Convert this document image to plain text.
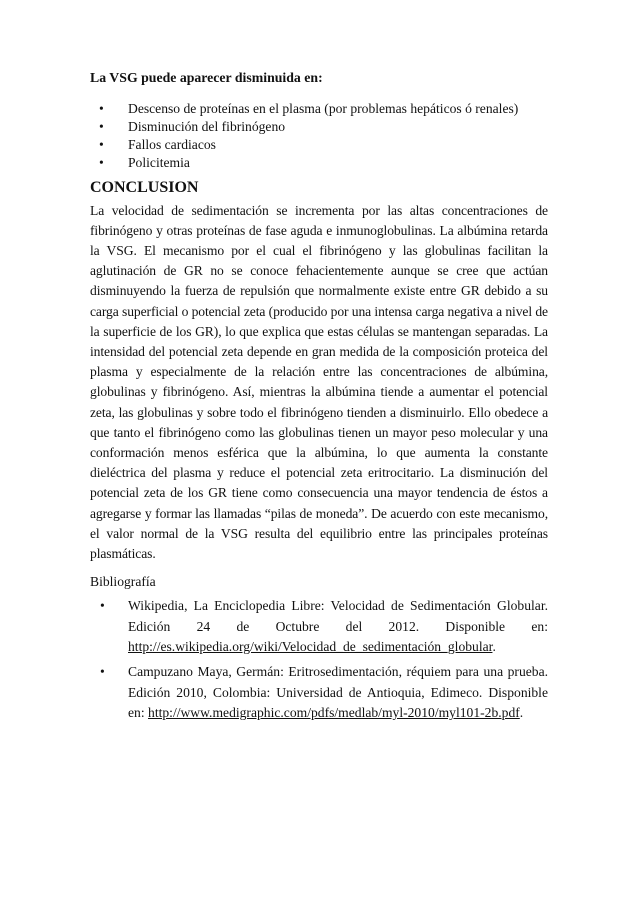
La VSG puede aparecer disminuida en:

• Descenso de proteínas en el plasma (por problemas hepáticos ó renales)
• Disminución del fibrinógeno
• Fallos cardiacos
• Policitemia

CONCLUSION

La velocidad de sedimentación se incrementa por las altas concentraciones de fibrinógeno y otras proteínas de fase aguda e inmunoglobulinas. La albúmina retarda la VSG. El mecanismo por el cual el fibrinógeno y las globulinas facilitan la aglutinación de GR no se conoce fehacientemente aunque se cree que actúan disminuyendo la fuerza de repulsión que normalmente existe entre GR debido a su carga superficial o potencial zeta (producido por una intensa carga negativa a nivel de la superficie de los GR), lo que explica que estas células se mantengan separadas. La intensidad del potencial zeta depende en gran medida de la composición proteica del plasma y especialmente de la relación entre las concentraciones de albúmina, globulinas y fibrinógeno. Así, mientras la albúmina tiende a aumentar el potencial zeta, las globulinas y sobre todo el fibrinógeno tienden a disminuirlo. Ello obedece a que tanto el fibrinógeno como las globulinas tienen un mayor peso molecular y una conformación menos esférica que la albúmina, lo que aumenta la constante dieléctrica del plasma y reduce el potencial zeta eritrocitario. La disminución del potencial zeta de los GR tiene como consecuencia una mayor tendencia de éstos a agregarse y formar las llamadas “pilas de moneda”. De acuerdo con este mecanismo, el valor normal de la VSG resulta del equilibrio entre las principales proteínas plasmáticas.

Bibliografía

• Wikipedia, La Enciclopedia Libre: Velocidad de Sedimentación Globular. Edición 24 de Octubre del 2012. Disponible en: http://es.wikipedia.org/wiki/Velocidad_de_sedimentación_globular.
• Campuzano Maya, Germán: Eritrosedimentación, réquiem para una prueba. Edición 2010, Colombia: Universidad de Antioquia, Edimeco. Disponible en: http://www.medigraphic.com/pdfs/medlab/myl-2010/myl101-2b.pdf.
